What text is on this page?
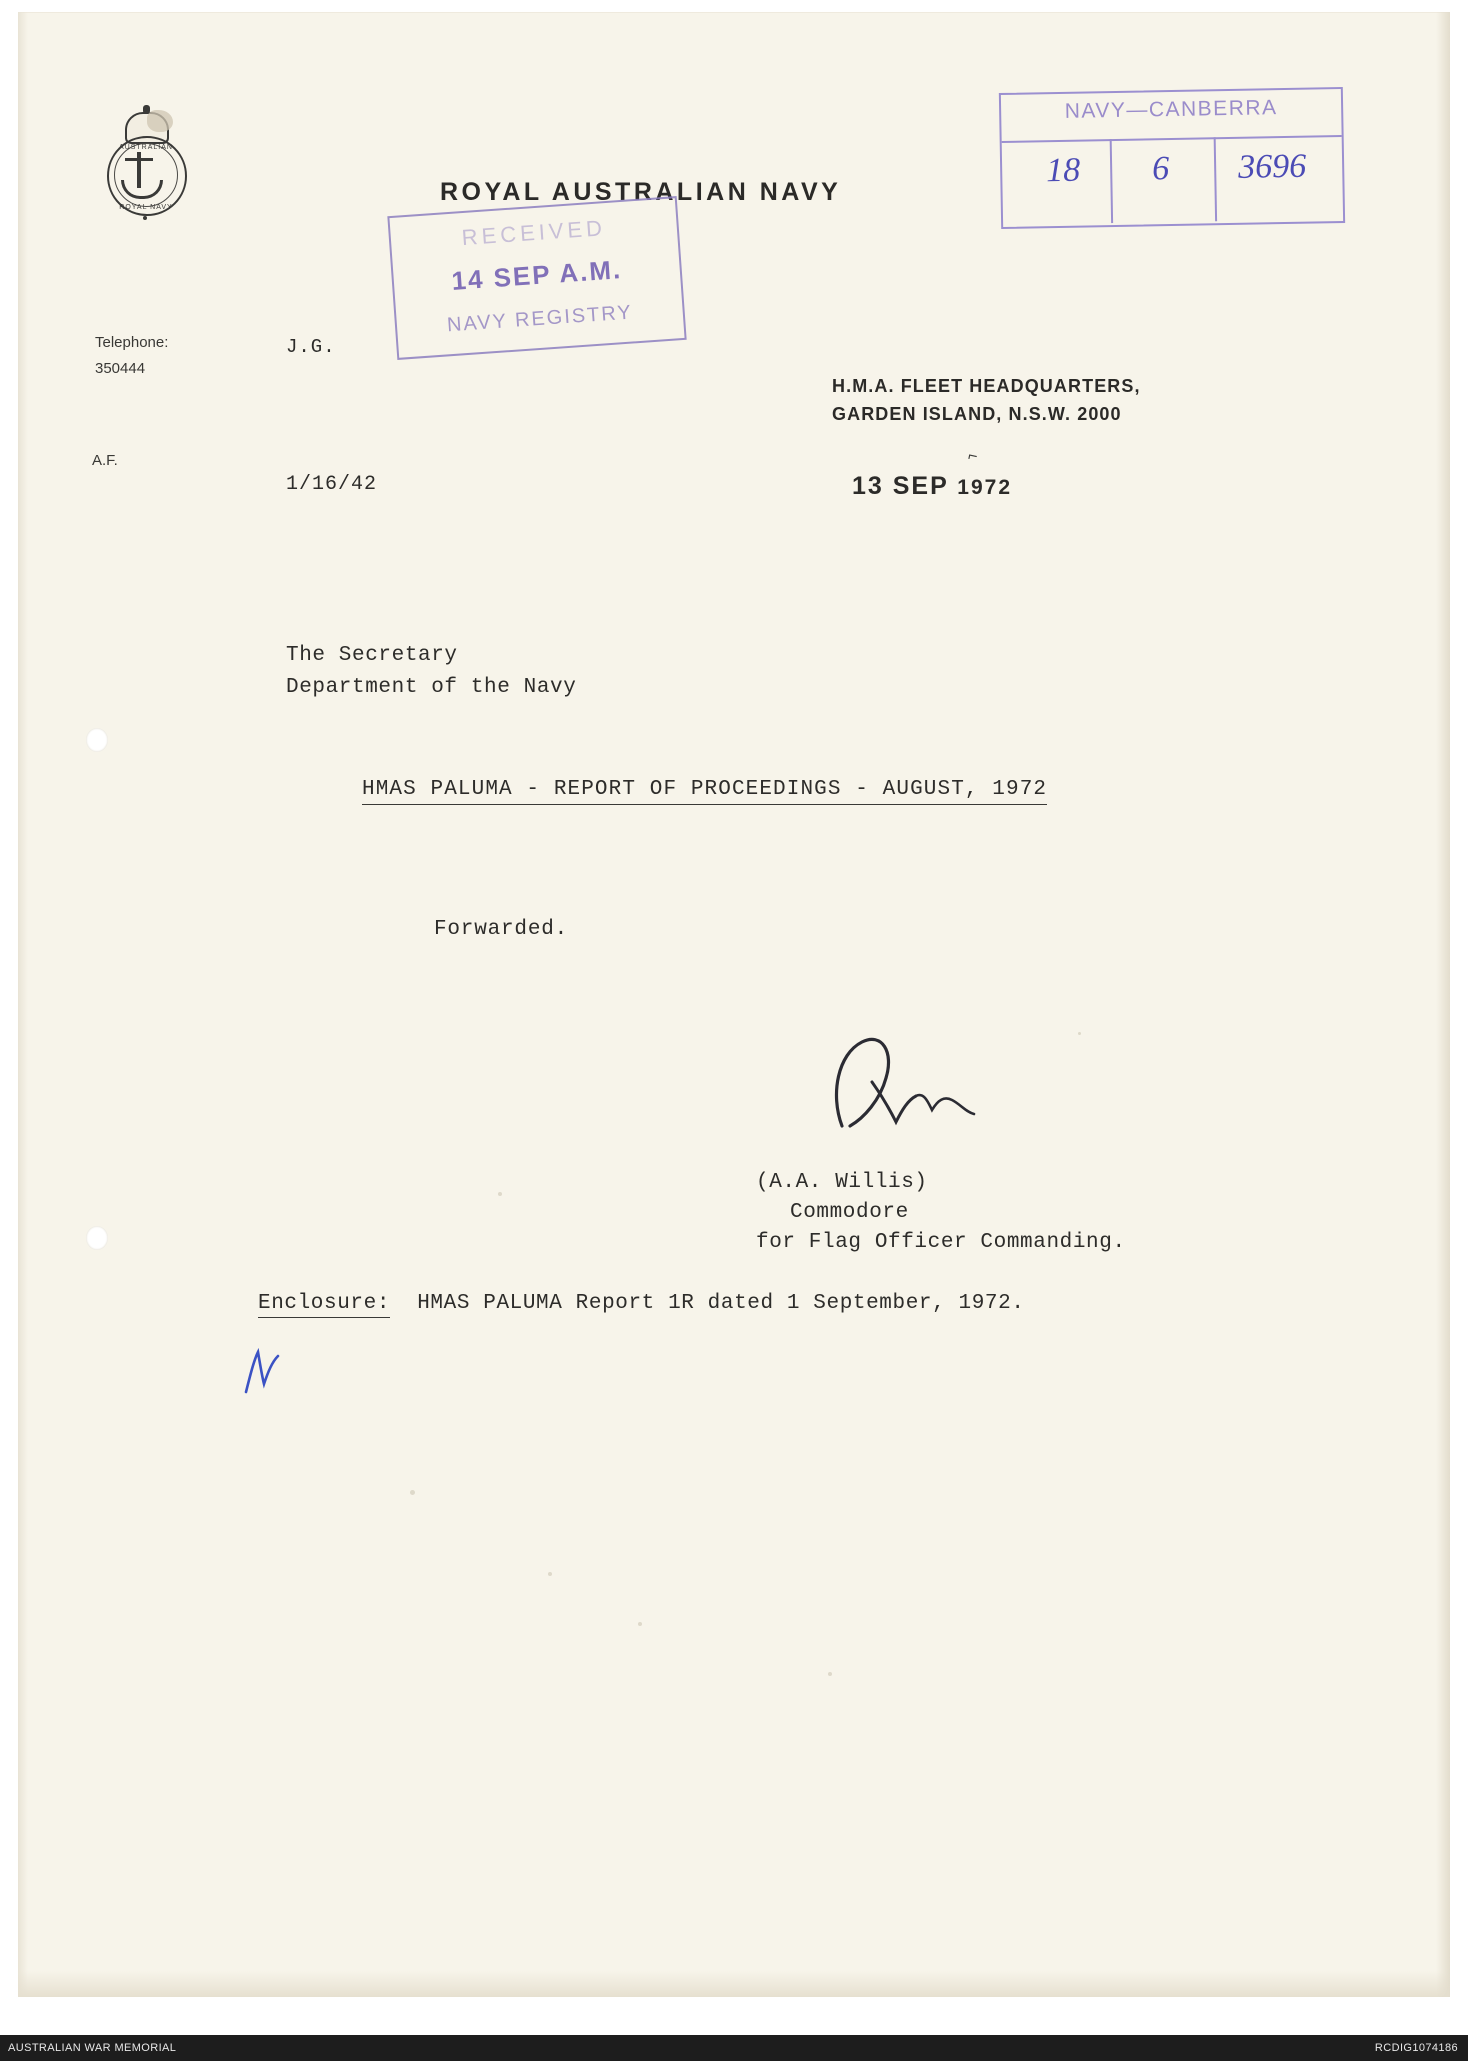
AUSTRALIAN
ROYAL NAVY
ROYAL AUSTRALIAN NAVY
Telephone:
350444
A.F.
J.G.
1/16/42
H.M.A. FLEET HEADQUARTERS,
GARDEN ISLAND, N.S.W. 2000
⌐
13 SEP 1972
RECEIVED
14 SEP A.M.
NAVY REGISTRY
NAVY—CANBERRA
18 6 3696
The Secretary
Department of the Navy
HMAS PALUMA - REPORT OF PROCEEDINGS - AUGUST, 1972
Forwarded.
(A.A. Willis)
Commodore
for Flag Officer Commanding.
Enclosure: HMAS PALUMA Report 1R dated 1 September, 1972.
AUSTRALIAN WAR MEMORIAL	RCDIG1074186
